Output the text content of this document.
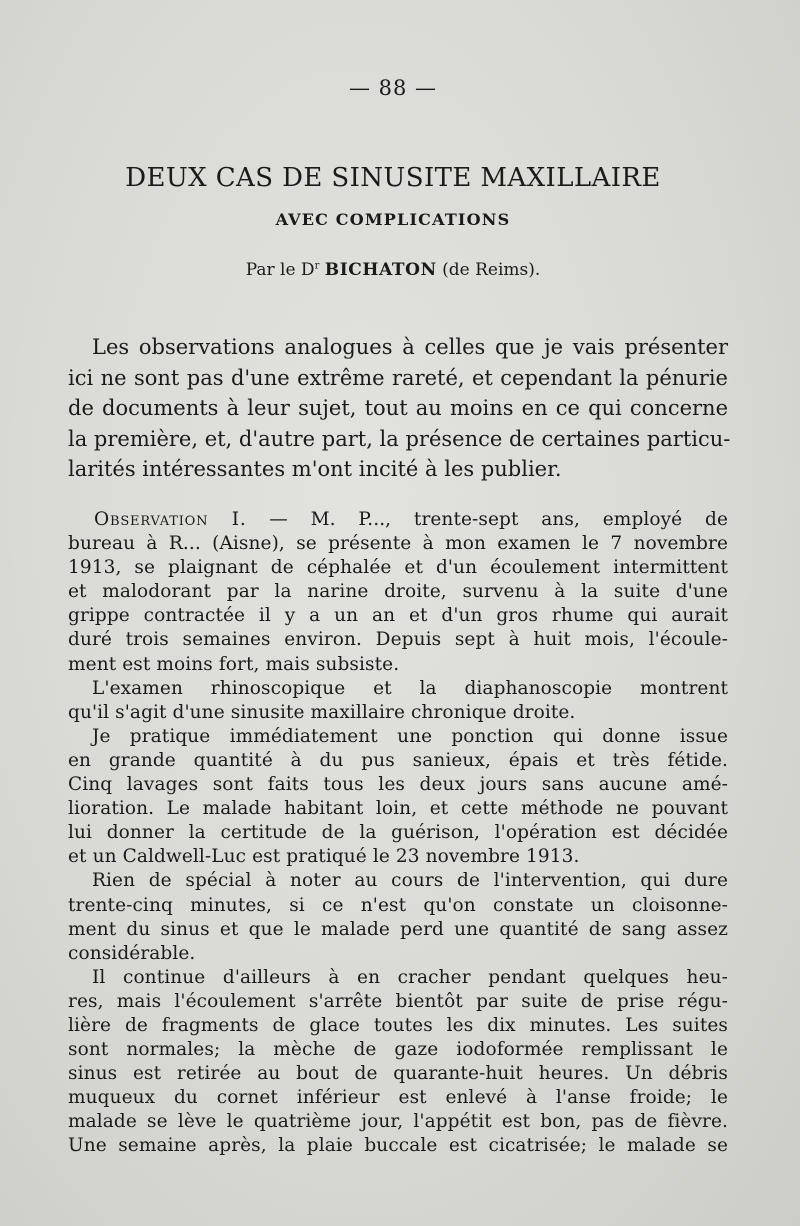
— 88 —
DEUX CAS DE SINUSITE MAXILLAIRE
AVEC COMPLICATIONS
Par le $D^r$ BICHATON (de Reims).
Les observations analogues à celles que je vais présenter
ici ne sont pas d'une extrême rareté, et cependant la pénurie
de documents à leur sujet, tout au moins en ce qui concerne
la première, et, d'autre part, la présence de certaines particu-
larités intéressantes m'ont incité à les publier.
Observation I. — M. P..., trente-sept ans, employé de
bureau à R... (Aisne), se présente à mon examen le 7 novembre
1913, se plaignant de céphalée et d'un écoulement intermittent
et malodorant par la narine droite, survenu à la suite d'une
grippe contractée il y a un an et d'un gros rhume qui aurait
duré trois semaines environ. Depuis sept à huit mois, l'écoule-
ment est moins fort, mais subsiste.
L'examen rhinoscopique et la diaphanoscopie montrent
qu'il s'agit d'une sinusite maxillaire chronique droite.
Je pratique immédiatement une ponction qui donne issue
en grande quantité à du pus sanieux, épais et très fétide.
Cinq lavages sont faits tous les deux jours sans aucune amé-
lioration. Le malade habitant loin, et cette méthode ne pouvant
lui donner la certitude de la guérison, l'opération est décidée
et un Caldwell-Luc est pratiqué le 23 novembre 1913.
Rien de spécial à noter au cours de l'intervention, qui dure
trente-cinq minutes, si ce n'est qu'on constate un cloisonne-
ment du sinus et que le malade perd une quantité de sang assez
considérable.
Il continue d'ailleurs à en cracher pendant quelques heu-
res, mais l'écoulement s'arrête bientôt par suite de prise régu-
lière de fragments de glace toutes les dix minutes. Les suites
sont normales; la mèche de gaze iodoformée remplissant le
sinus est retirée au bout de quarante-huit heures. Un débris
muqueux du cornet inférieur est enlevé à l'anse froide; le
malade se lève le quatrième jour, l'appétit est bon, pas de fièvre.
Une semaine après, la plaie buccale est cicatrisée; le malade se
